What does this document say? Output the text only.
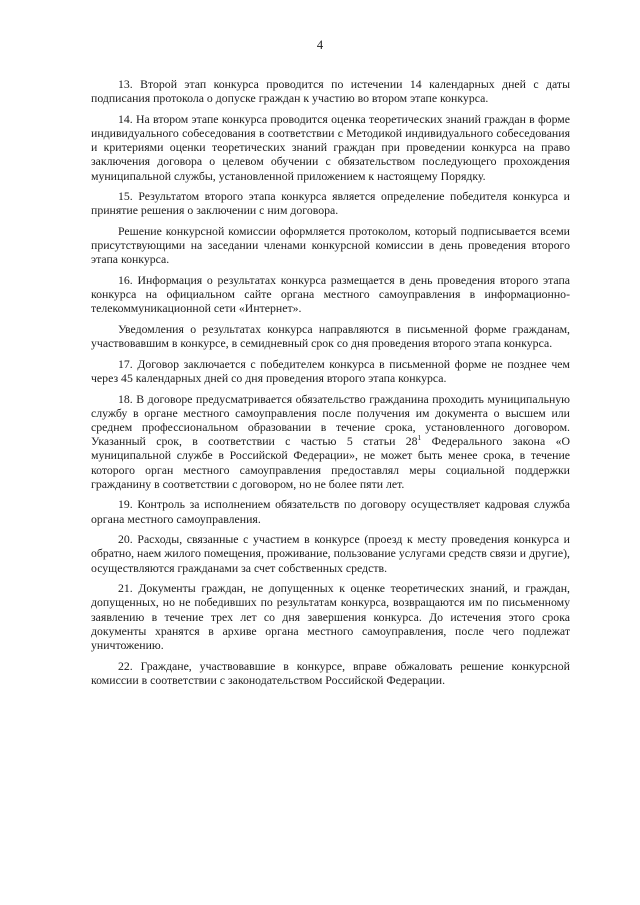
4

13. Второй этап конкурса проводится по истечении 14 календарных дней с даты подписания протокола о допуске граждан к участию во втором этапе конкурса.

14. На втором этапе конкурса проводится оценка теоретических знаний граждан в форме индивидуального собеседования в соответствии с Методикой индивидуального собеседования и критериями оценки теоретических знаний граждан при проведении конкурса на право заключения договора о целевом обучении с обязательством последующего прохождения муниципальной службы, установленной приложением к настоящему Порядку.

15. Результатом второго этапа конкурса является определение победителя конкурса и принятие решения о заключении с ним договора.

Решение конкурсной комиссии оформляется протоколом, который подписывается всеми присутствующими на заседании членами конкурсной комиссии в день проведения второго этапа конкурса.

16. Информация о результатах конкурса размещается в день проведения второго этапа конкурса на официальном сайте органа местного самоуправления в информационно-телекоммуникационной сети «Интернет».

Уведомления о результатах конкурса направляются в письменной форме гражданам, участвовавшим в конкурсе, в семидневный срок со дня проведения второго этапа конкурса.

17. Договор заключается с победителем конкурса в письменной форме не позднее чем через 45 календарных дней со дня проведения второго этапа конкурса.

18. В договоре предусматривается обязательство гражданина проходить муниципальную службу в органе местного самоуправления после получения им документа о высшем или среднем профессиональном образовании в течение срока, установленного договором. Указанный срок, в соответствии с частью 5 статьи $28^1$ Федерального закона «О муниципальной службе в Российской Федерации», не может быть менее срока, в течение которого орган местного самоуправления предоставлял меры социальной поддержки гражданину в соответствии с договором, но не более пяти лет.

19. Контроль за исполнением обязательств по договору осуществляет кадровая служба органа местного самоуправления.

20. Расходы, связанные с участием в конкурсе (проезд к месту проведения конкурса и обратно, наем жилого помещения, проживание, пользование услугами средств связи и другие), осуществляются гражданами за счет собственных средств.

21. Документы граждан, не допущенных к оценке теоретических знаний, и граждан, допущенных, но не победивших по результатам конкурса, возвращаются им по письменному заявлению в течение трех лет со дня завершения конкурса. До истечения этого срока документы хранятся в архиве органа местного самоуправления, после чего подлежат уничтожению.

22. Граждане, участвовавшие в конкурсе, вправе обжаловать решение конкурсной комиссии в соответствии с законодательством Российской Федерации.
